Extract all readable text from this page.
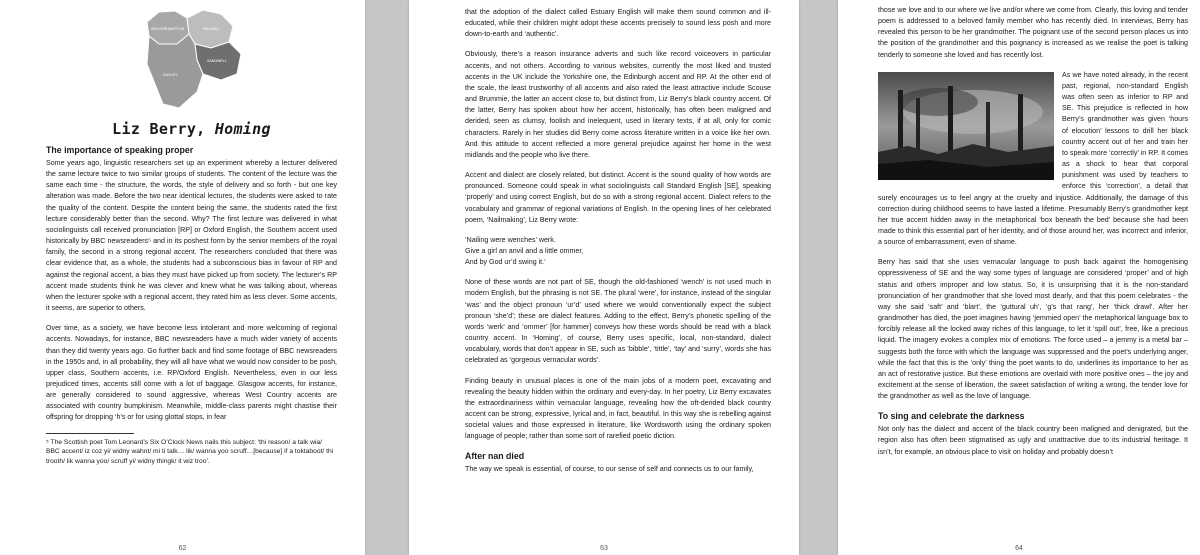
WOLVERHAMPTON	WALSALL
SANDWELL
DUDLEY
Liz Berry, Homing
The importance of speaking proper

Some years ago, linguistic researchers set up an experiment whereby a lecturer delivered the same lecture twice to two similar groups of students. The content of the lecture was the same each time - the structure, the words, the style of delivery and so forth - but one key alteration was made. Before the two near identical lectures, the students were asked to rate the quality of the content. Despite the content being the same, the students rated the first lecture considerably better than the second. Why? The first lecture was delivered in what sociolinguists call received pronunciation [RP] or Oxford English, the Southern accent used historically by BBC newsreaders⁵ and in its poshest form by the senior members of the royal family, the second in a strong regional accent. The researchers concluded that there was clear evidence that, as a whole, the students had a subconscious bias in favour of RP and against the regional accent, a bias they must have picked up from society. The lecturer’s RP accent made students think he was clever and knew what he was talking about, whereas when the lecturer spoke with a regional accent, they rated him as less clever. Some accents, it seems, are superior to others.

Over time, as a society, we have become less intolerant and more welcoming of regional accents. Nowadays, for instance, BBC newsreaders have a much wider variety of accents than they did twenty years ago. Go further back and find some footage of BBC newsreaders in the 1950s and, in all probability, they will all have what we would now consider to be posh, upper class, Southern accents, i.e. RP/Oxford English. Nevertheless, even in our less prejudiced times, accents still come with a lot of baggage. Glasgow accents, for instance, are generally considered to sound aggressive, whereas West Country accents are associated with country bumpkinism. Meanwhile, middle-class parents might chastise their offspring for dropping ‘h’s or for using glottal stops, in fear

⁵ The Scottish poet Tom Leonard’s Six O’Clock News nails this subject: ‘thi reason/ a talk wia/ BBC accent/ iz coz yi/ widny wahnt/ mi ti talk… lik/ wanna yoo scruff…[because] if a toktaboot/ thi trooth/ lik wanna yoo/ scruff yi/ widny thingk/ it wiz troo’.

62

that the adoption of the dialect called Estuary English will make them sound common and ill-educated, while their children might adopt these accents precisely to sound less posh and more down-to-earth and ‘authentic’.

Obviously, there’s a reason insurance adverts and such like record voiceovers in particular accents, and not others. According to various websites, currently the most liked and trusted accents in the UK include the Yorkshire one, the Edinburgh accent and RP. At the other end of the scale, the least trustworthy of all accents and also rated the least attractive include Scouse and Brummie, the latter an accent close to, but distinct from, Liz Berry’s black country accent. Of the latter, Berry has spoken about how her accent, historically, has often been maligned and derided, seen as clumsy, foolish and inelequent, used in literary texts, if at all, only for comic characters. Rarely in her studies did Berry come across literature written in a voice like her own. And this attitude to accent reflected a more general prejudice against her home in the west midlands and the people who live there.

Accent and dialect are closely related, but distinct. Accent is the sound quality of how words are pronounced. Someone could speak in what sociolinguists call Standard English [SE], speaking ‘properly’ and using correct English, but do so with a strong regional accent. Dialect refers to the vocabulary and grammar of regional variations of English. In the opening lines of her celebrated poem, ‘Nailmaking’, Liz Berry wrote:

‘Nailing were wenches’ werk.

Give a girl an anvil and a little ommer,

And by God ur’d swing it.’

None of these words are not part of SE, though the old-fashioned ‘wench’ is not used much in modern English, but the phrasing is not SE. The plural ‘were’, for instance, instead of the singular ‘was’ and the object pronoun ‘ur’d’ used where we would conventionally expect the subject pronoun ‘she’d’; these are dialect features. Adding to the effect, Berry’s phonetic spelling of the words ‘werk’ and ‘ommer’ [for hammer] conveys how these words should be read with a black country accent. In ‘Homing’, of course, Berry uses specific, local, non-standard, dialect vocabulary, words that don’t appear in SE, such as ‘bibble’, ‘tittle’, ‘tay’ and ‘surry’, words she has celebrated as ‘gorgeous vernacular words’.

Finding beauty in unusual places is one of the main jobs of a modern poet, excavating and revealing the beauty hidden within the ordinary and every-day. In her poetry, Liz Berry excavates the extraordinariness within vernacular language, revealing how the oft-derided black country accent can be strong, expressive, lyrical and, in fact, beautiful. In this way she is rebelling against societal values and those expressed in literature, like Wordsworth using the ordinary spoken language of people; rather than some sort of rarefied poetic diction.

After nan died

The way we speak is essential, of course, to our sense of self and connects us to our family,

63

those we love and to our where we live and/or where we come from. Clearly, this loving and tender poem is addressed to a beloved family member who has recently died. In interviews, Berry has revealed this person to be her grandmother. The poignant use of the second person places us into the position of the grandmother and this poignancy is increased as we realise the poet is talking tenderly to someone she loved and has recently lost.

As we have noted already, in the recent past, regional, non-standard English was often seen as inferior to RP and SE. This prejudice is reflected in how Berry’s grandmother was given ‘hours of elocution’ lessons to drill her black country accent out of her and train her to speak more ‘correctly’ in RP. It comes as a shock to hear that corporal punishment was used by teachers to enforce this ‘correction’, a detail that surely encourages us to feel angry at the cruelty and injustice. Additionally, the damage of this correction during childhood seems to have lasted a lifetime. Presumably Berry’s grandmother kept her true accent hidden away in the metaphorical ‘box beneath the bed’ because she had been made to think this essential part of her identity, and of those around her, was incorrect and inferior, a source of embarrassment, even of shame.

Berry has said that she uses vernacular language to push back against the homogenising oppressiveness of SE and the way some types of language are considered ‘proper’ and of high status and others improper and low status. So, it is unsurprising that it is the non-standard pronunciation of her grandmother that she loved most dearly, and that this poem celebrates - the way she said ‘saft’ and ‘blart’, the ‘guttural uh’, ‘g’s that rang’, her ‘thick drawl’. After her grandmother has died, the poet imagines having ‘jemmied open’ the metaphorical language box to forcibly release all the locked away riches of this language, to let it ‘spill out’, free, like a precious liquid. The imagery evokes a complex mix of emotions. The force used – a jemmy is a metal bar – suggests both the force with which the language was suppressed and the poet’s underlying anger, while the fact that this is the ‘only’ thing the poet wants to do, underlines its importance to her as an act of restorative justice. But these emotions are overlaid with more positive ones – the joy and excitement at the sense of liberation, the sweet satisfaction of writing a wrong, the tender love for the grandmother as well as the love of language.

To sing and celebrate the darkness

Not only has the dialect and accent of the black country been maligned and denigrated, but the region also has often been stigmatised as ugly and unattractive due to its industrial heritage. It isn’t, for example, an obvious place to visit on holiday and probably doesn’t

64
